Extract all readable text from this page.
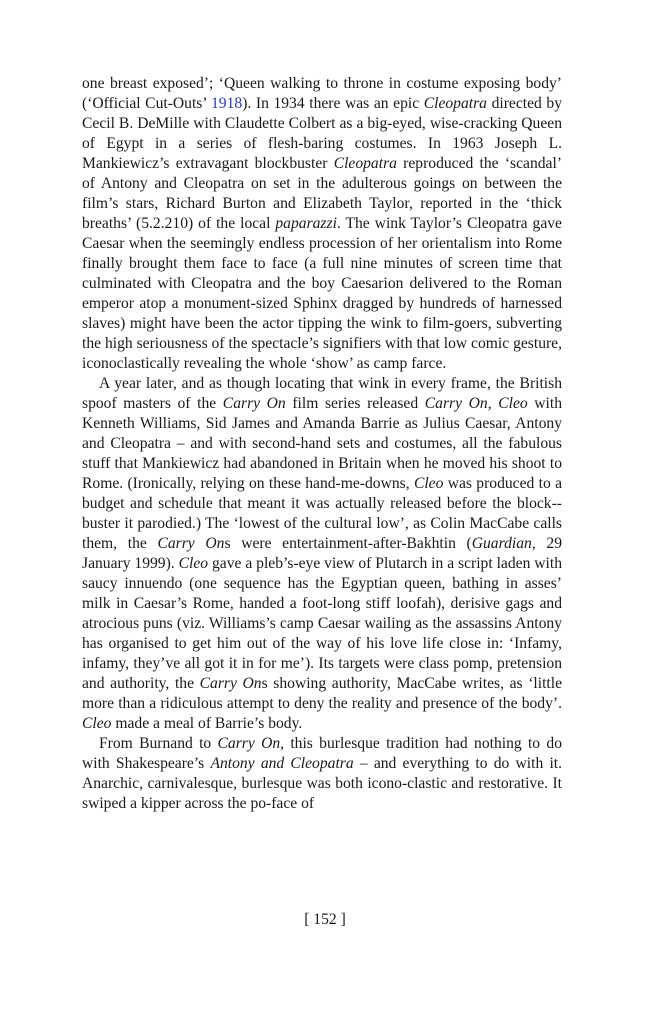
one breast exposed’; ‘Queen walking to throne in costume exposing body’ (‘Official Cut-Outs’ 1918). In 1934 there was an epic Cleopatra directed by Cecil B. DeMille with Claudette Colbert as a big-eyed, wise-cracking Queen of Egypt in a series of flesh-baring costumes. In 1963 Joseph L. Mankiewicz’s extravagant blockbuster Cleopatra reproduced the ‘scandal’ of Antony and Cleopatra on set in the adulterous goings on between the film’s stars, Richard Burton and Elizabeth Taylor, reported in the ‘thick breaths’ (5.2.210) of the local paparazzi. The wink Taylor’s Cleopatra gave Caesar when the seemingly endless procession of her orientalism into Rome finally brought them face to face (a full nine minutes of screen time that culminated with Cleopatra and the boy Caesarion delivered to the Roman emperor atop a monument-sized Sphinx dragged by hundreds of harnessed slaves) might have been the actor tipping the wink to film-goers, subverting the high seriousness of the spectacle’s signifiers with that low comic gesture, iconoclastically revealing the whole ‘show’ as camp farce.

A year later, and as though locating that wink in every frame, the British spoof masters of the Carry On film series released Carry On, Cleo with Kenneth Williams, Sid James and Amanda Barrie as Julius Caesar, Antony and Cleopatra – and with second-hand sets and costumes, all the fabulous stuff that Mankiewicz had abandoned in Britain when he moved his shoot to Rome. (Ironically, relying on these hand-me-downs, Cleo was produced to a budget and schedule that meant it was actually released before the block-buster it parodied.) The ‘lowest of the cultural low’, as Colin MacCabe calls them, the Carry Ons were entertainment-after-Bakhtin (Guardian, 29 January 1999). Cleo gave a pleb’s-eye view of Plutarch in a script laden with saucy innuendo (one sequence has the Egyptian queen, bathing in asses’ milk in Caesar’s Rome, handed a foot-long stiff loofah), derisive gags and atrocious puns (viz. Williams’s camp Caesar wailing as the assassins Antony has organised to get him out of the way of his love life close in: ‘Infamy, infamy, they’ve all got it in for me’). Its targets were class pomp, pretension and authority, the Carry Ons showing authority, MacCabe writes, as ‘little more than a ridiculous attempt to deny the reality and presence of the body’. Cleo made a meal of Barrie’s body.

From Burnand to Carry On, this burlesque tradition had nothing to do with Shakespeare’s Antony and Cleopatra – and everything to do with it. Anarchic, carnivalesque, burlesque was both icono-clastic and restorative. It swiped a kipper across the po-face of

[ 152 ]
